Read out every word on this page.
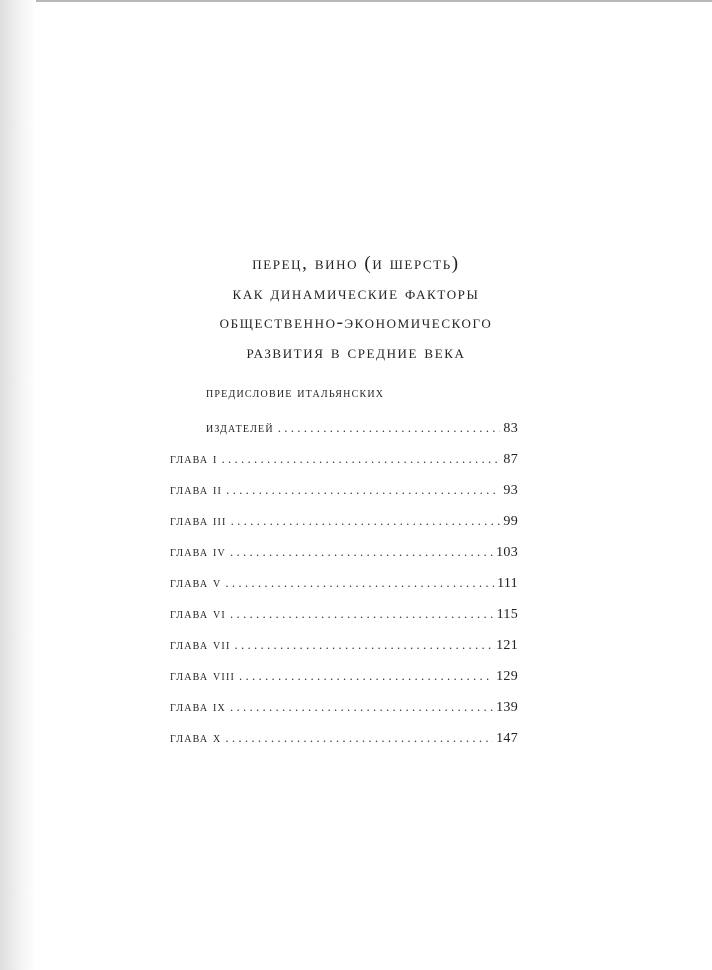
перец, вино (и шерсть)
как динамические факторы
общественно-экономического
развития в средние века
предисловие итальянских
издателей . . .	83
глава i . . .	87
глава ii . . .	93
глава iii . . .	99
глава iv . . .	103
глава v . . .	111
глава vi . . .	115
глава vii . . .	121
глава viii . . .	129
глава ix . . .	139
глава x . . .	147
